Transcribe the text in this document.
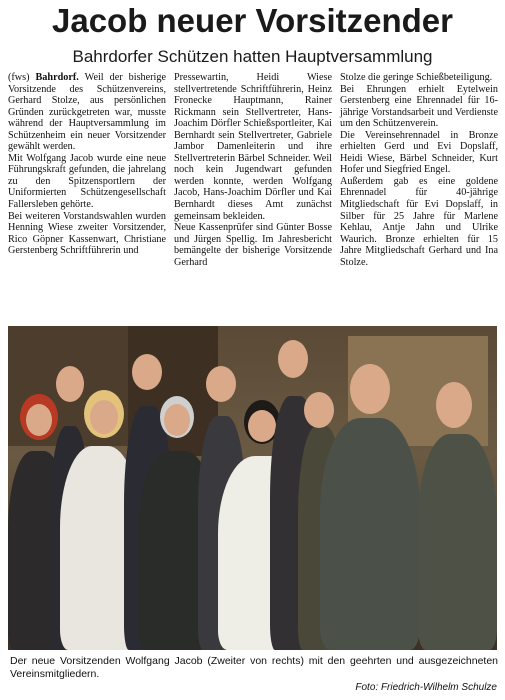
Jacob neuer Vorsitzender
Bahrdorfer Schützen hatten Hauptversammlung

(fws) Bahrdorf. Weil der bisherige Vorsitzende des Schützenvereins, Gerhard Stolze, aus persönlichen Gründen zurückgetreten war, musste während der Hauptversammlung im Schützenheim ein neuer Vorsitzender gewählt werden.

Mit Wolfgang Jacob wurde eine neue Führungskraft gefunden, die jahrelang zu den Spitzensportlern der Uniformierten Schützengesellschaft Fallersleben gehörte.

Bei weiteren Vorstandswahlen wurden Henning Wiese zweiter Vorsitzender, Rico Göpner Kassenwart, Christiane Gerstenberg Schriftführerin und

Pressewartin, Heidi Wiese stellvertretende Schriftführerin, Heinz Fronecke Hauptmann, Rainer Rickmann sein Stellvertreter, Hans-Joachim Dörfler Schießsportleiter, Kai Bernhardt sein Stellvertreter, Gabriele Jambor Damenleiterin und ihre Stellvertreterin Bärbel Schneider. Weil noch kein Jugendwart gefunden werden konnte, werden Wolfgang Jacob, Hans-Joachim Dörfler und Kai Bernhardt dieses Amt zunächst gemeinsam bekleiden.

Neue Kassenprüfer sind Günter Bosse und Jürgen Spellig. Im Jahresbericht bemängelte der bisherige Vorsitzende Gerhard

Stolze die geringe Schießbeteiligung.

Bei Ehrungen erhielt Eytelwein Gerstenberg eine Ehrennadel für 16-jährige Vorstandsarbeit und Verdienste um den Schützenverein.

Die Vereinsehrennadel in Bronze erhielten Gerd und Evi Dopslaff, Heidi Wiese, Bärbel Schneider, Kurt Hofer und Siegfried Engel.

Außerdem gab es eine goldene Ehrennadel für 40-jährige Mitgliedschaft für Evi Dopslaff, in Silber für 25 Jahre für Marlene Kehlau, Antje Jahn und Ulrike Waurich. Bronze erhielten für 15 Jahre Mitgliedschaft Gerhard und Ina Stolze.

Der neue Vorsitzenden Wolfgang Jacob (Zweiter von rechts) mit den geehrten und ausgezeichneten Vereinsmitgliedern.
Foto: Friedrich-Wilhelm Schulze
